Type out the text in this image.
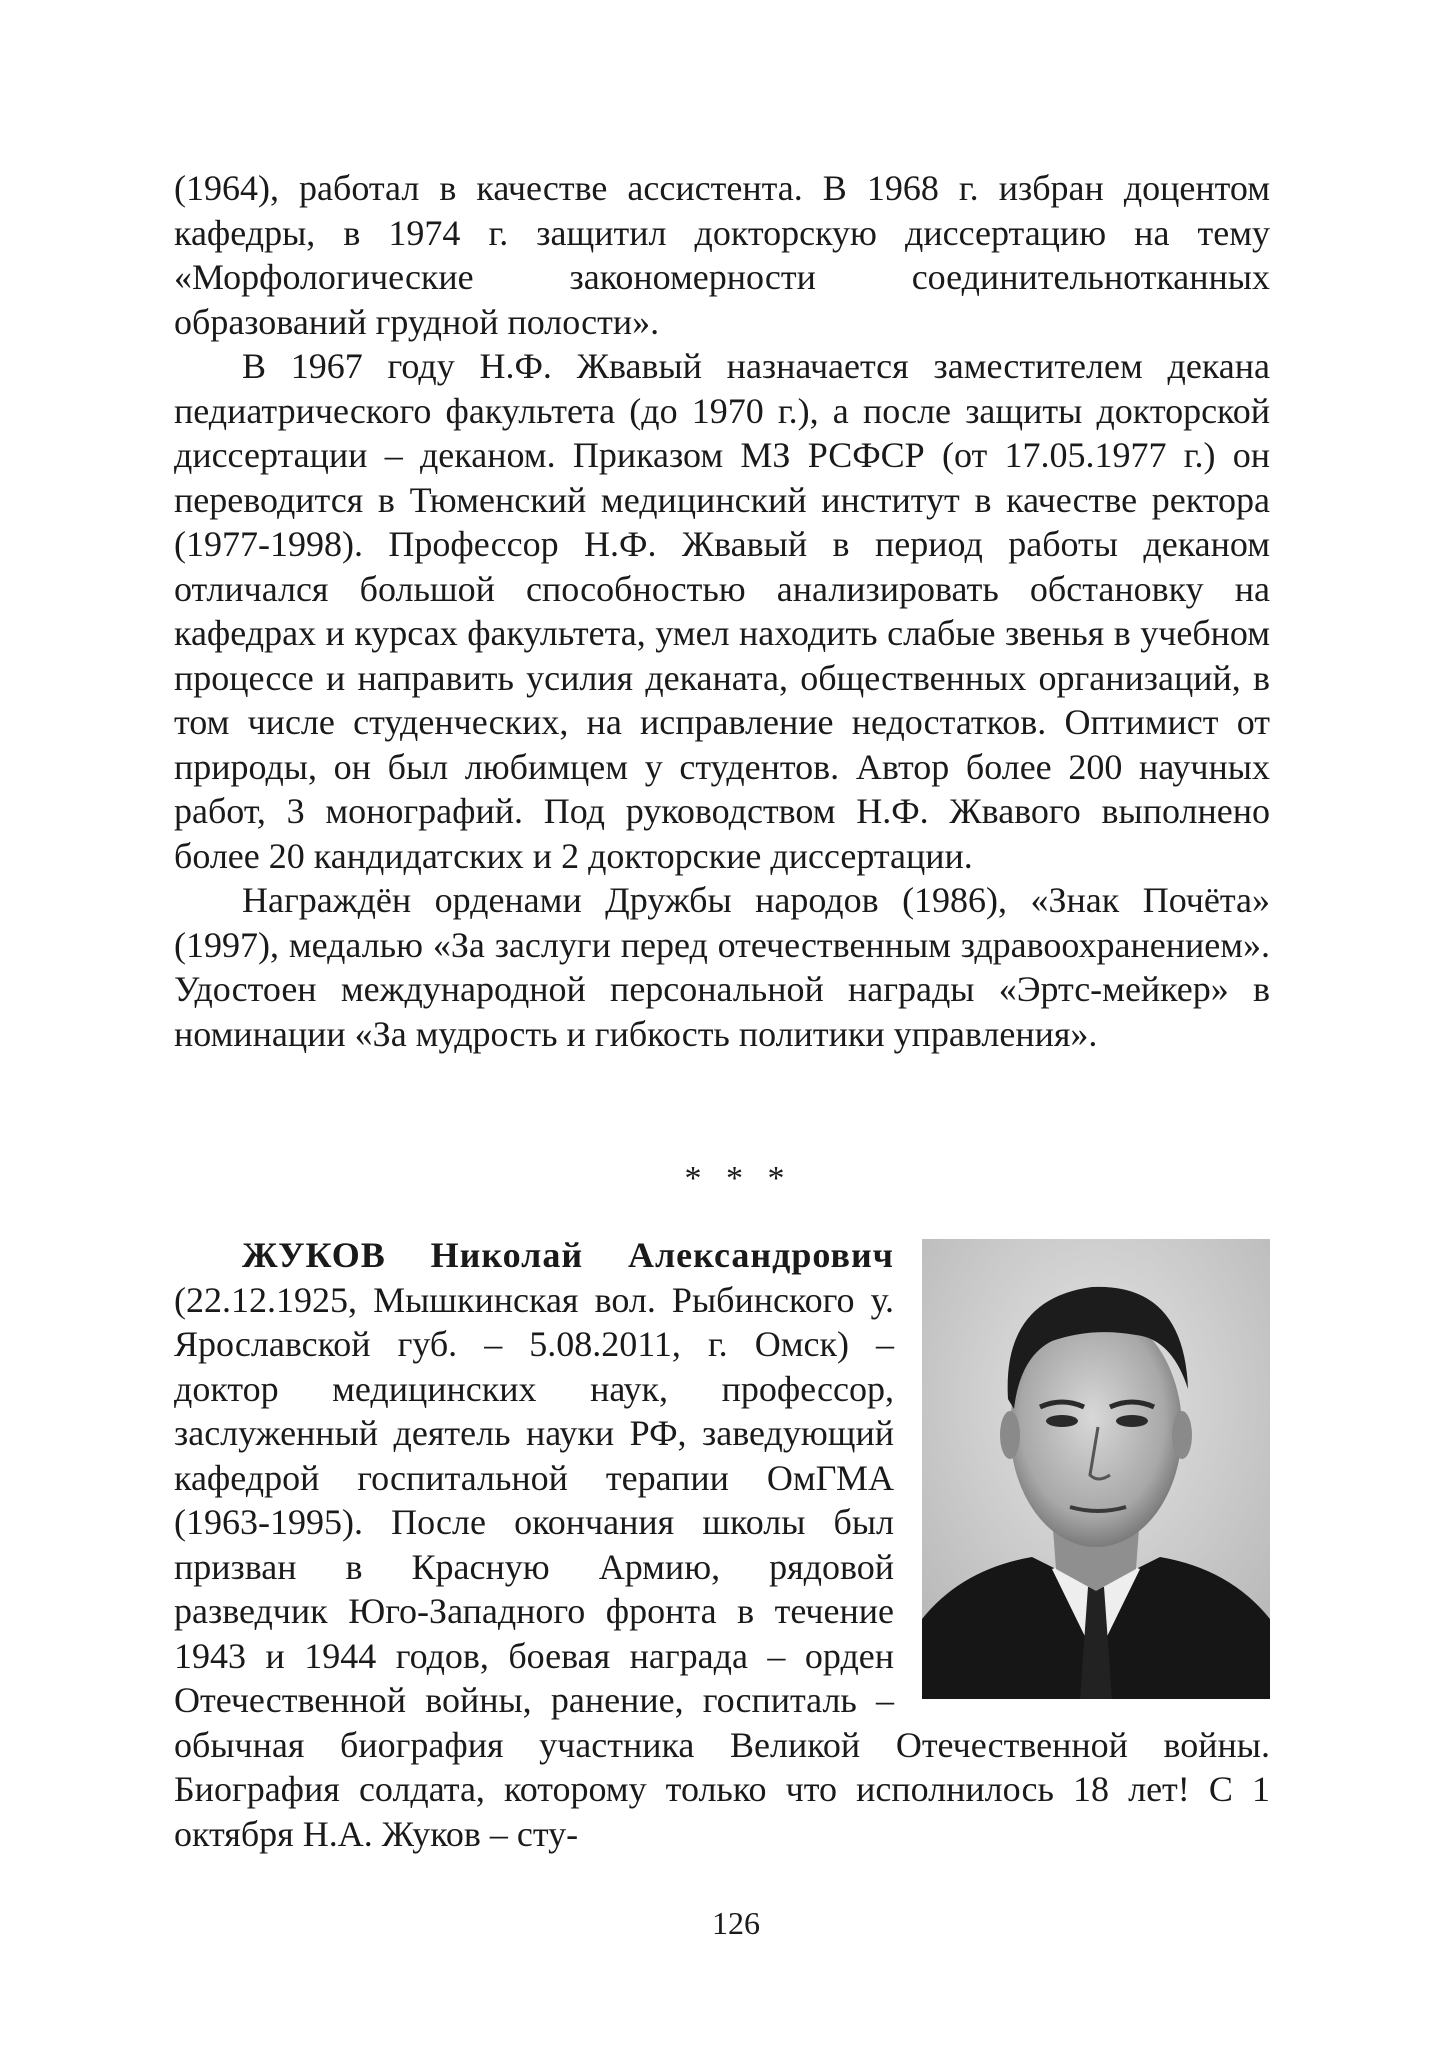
(1964), работал в качестве ассистента. В 1968 г. избран доцентом кафедры, в 1974 г. защитил докторскую диссертацию на тему «Морфологические закономерности соединительнотканных образований грудной полости».

В 1967 году Н.Ф. Жвавый назначается заместителем декана педиатрического факультета (до 1970 г.), а после защиты докторской диссертации – деканом. Приказом МЗ РСФСР (от 17.05.1977 г.) он переводится в Тюменский медицинский институт в качестве ректора (1977-1998). Профессор Н.Ф. Жвавый в период работы деканом отличался большой способностью анализировать обстановку на кафедрах и курсах факультета, умел находить слабые звенья в учебном процессе и направить усилия деканата, общественных организаций, в том числе студенческих, на исправление недостатков. Оптимист от природы, он был любимцем у студентов. Автор более 200 научных работ, 3 монографий. Под руководством Н.Ф. Жвавого выполнено более 20 кандидатских и 2 докторские диссертации.

Награждён орденами Дружбы народов (1986), «Знак Почёта» (1997), медалью «За заслуги перед отечественным здравоохранением». Удостоен международной персональной награды «Эртс-мейкер» в номинации «За мудрость и гибкость политики управления».

* * *

ЖУКОВ Николай Александрович (22.12.1925, Мышкинская вол. Рыбинского у. Ярославской губ. – 5.08.2011, г. Омск) – доктор медицинских наук, профессор, заслуженный деятель науки РФ, заведующий кафедрой госпитальной терапии ОмГМА (1963-1995). После окончания школы был призван в Красную Армию, рядовой разведчик Юго-Западного фронта в течение 1943 и 1944 годов, боевая награда – орден Отечественной войны, ранение, госпиталь – обычная биография участника Великой Отечественной войны. Биография солдата, которому только что исполнилось 18 лет! С 1 октября Н.А. Жуков – сту-

126
